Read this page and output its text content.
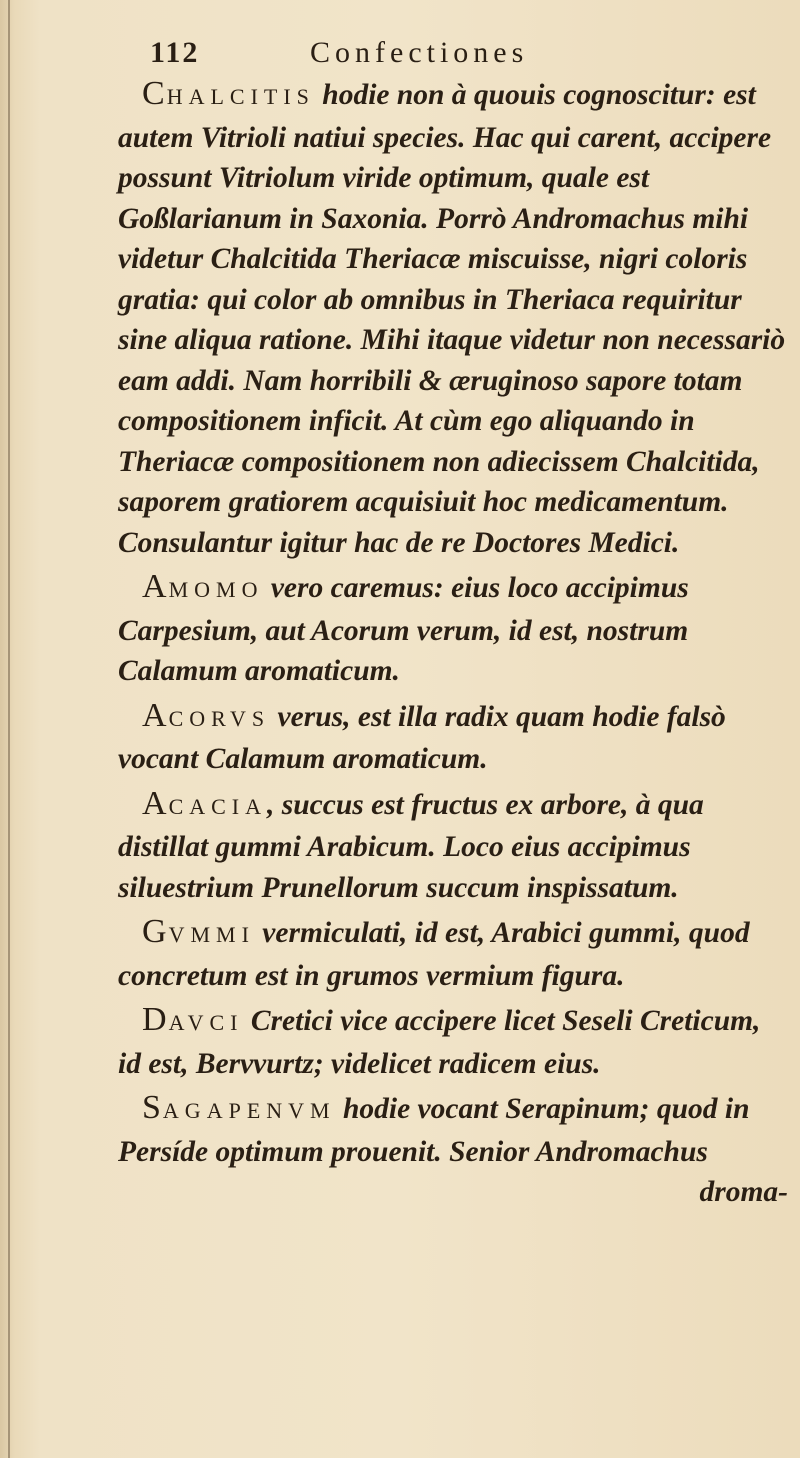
112	Confectiones

CHALCITIS hodie non à quouis cognoscitur: est autem Vitrioli natiui species. Hac qui carent, accipere possunt Vitriolum viride optimum, quale est Goßlarianum in Saxonia. Porrò Andromachus mihi videtur Chalcitida Theriacæ miscuisse, nigri coloris gratia: qui color ab omnibus in Theriaca requiritur sine aliqua ratione. Mihi itaque videtur non necessariò eam addi. Nam horribili & æruginoso sapore totam compositionem inficit. At cùm ego aliquando in Theriacæ compositionem non adiecissem Chalcitida, saporem gratiorem acquisiuit hoc medicamentum. Consulantur igitur hac de re Doctores Medici.

AMOMO vero caremus: eius loco accipimus Carpesium, aut Acorum verum, id est, nostrum Calamum aromaticum.

ACORVS verus, est illa radix quam hodie falsò vocant Calamum aromaticum.

ACACIA, succus est fructus ex arbore, à qua distillat gummi Arabicum. Loco eius accipimus siluestrium Prunellorum succum inspissatum.

GVMMI vermiculati, id est, Arabici gummi, quod concretum est in grumos vermium figura.

DAVCI Cretici vice accipere licet Seseli Creticum, id est, Bervvurtz; videlicet radicem eius.

SAGAPENVM hodie vocant Serapinum; quod in Persíde optimum prouenit. Senior Andromachus

droma-
